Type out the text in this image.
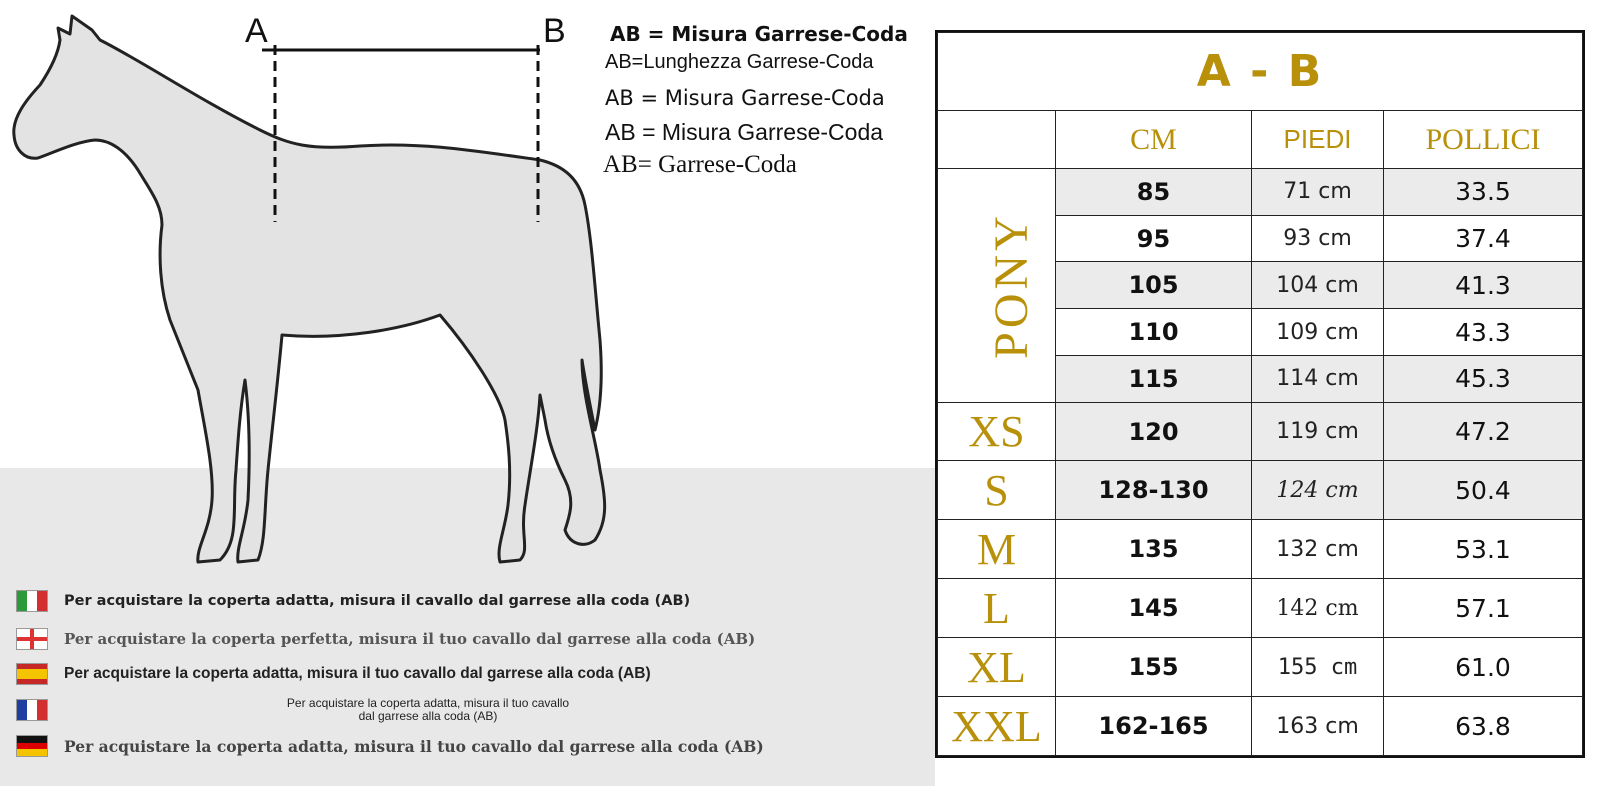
A	B AB = Misura Garrese-Coda
AB=Lunghezza Garrese-Coda
AB = Misura Garrese-Coda
AB = Misura Garrese-Coda
AB= Garrese-Coda
Per acquistare la coperta adatta, misura il cavallo dal garrese alla coda (AB)
Per acquistare la coperta perfetta, misura il tuo cavallo dal garrese alla coda (AB)
Per acquistare la coperta adatta, misura il tuo cavallo dal garrese alla coda (AB)
Per acquistare la coperta adatta, misura il tuo cavallo dal garrese alla coda (AB)
Per acquistare la coperta adatta, misura il tuo cavallo dal garrese alla coda (AB)
A - B			
	CM	PIEDI	POLLICI
PONY	85	71 cm	33.5
	95	93 cm	37.4
	105	104 cm	41.3
	110	109 cm	43.3
	115	114 cm	45.3
XS	120	119 cm	47.2
S	128-130	124 cm	50.4
M	135	132 cm	53.1
L	145	142 cm	57.1
XL	155	155 cm	61.0
XXL	162-165	163 cm	63.8
